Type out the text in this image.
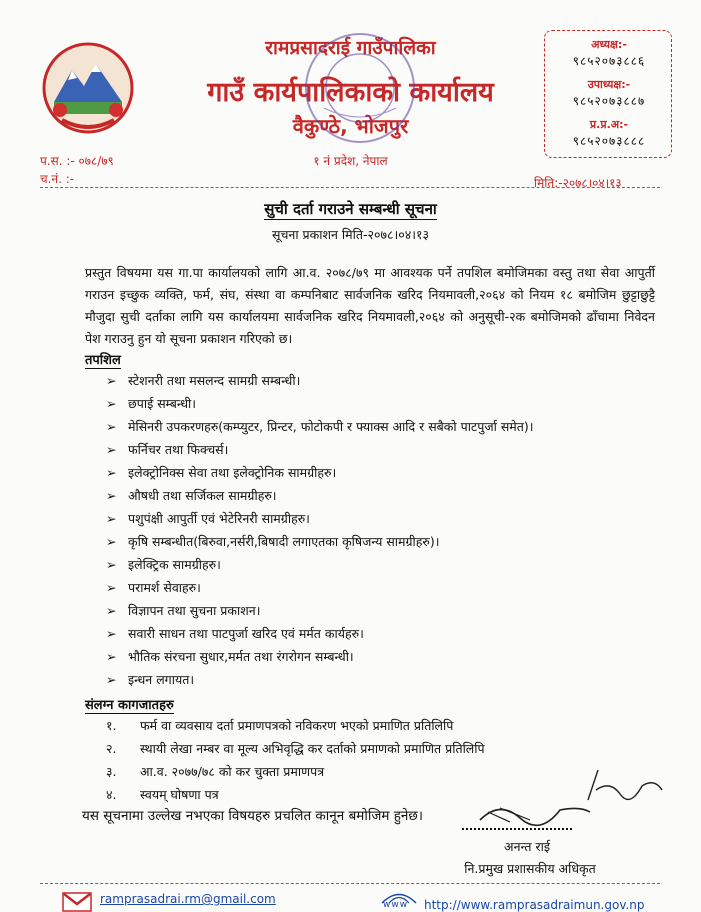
रामप्रसादराई गाउँपालिका
गाउँ कार्यपालिकाको कार्यालय
वैकुण्ठे, भोजपुर
१ नं प्रदेश, नेपाल
अध्यक्ष:-
९८५२०७३८८६
उपाध्यक्ष:-
९८५२०७३८८७
प्र.प्र.अ:-
९८५२०७३८८८
प.स. :- ०७८/७९
च.नं. :-	मिति:-२०७८।०४।१३
सुची दर्ता गराउने सम्बन्धी सूचना
सूचना प्रकाशन मिति-२०७८।०४।१३
प्रस्तुत विषयमा यस गा.पा कार्यालयको लागि आ.व. २०७८/७९ मा आवश्यक पर्ने तपशिल बमोजिमका वस्तु तथा सेवा आपुर्ती गराउन इच्छुक व्यक्ति, फर्म, संघ, संस्था वा कम्पनिबाट सार्वजनिक खरिद नियमावली,२०६४ को नियम १८ बमोजिम छुट्टाछुट्टै मौजुदा सुची दर्ताका लागि यस कार्यालयमा सार्वजनिक खरिद नियमावली,२०६४ को अनुसूची-२क बमोजिमको ढाँचामा निवेदन पेश गराउनु हुन यो सूचना प्रकाशन गरिएको छ।
तपशिल
➢ स्टेशनरी तथा मसलन्द सामग्री सम्बन्धी।
➢ छपाई सम्बन्धी।
➢ मेसिनरी उपकरणहरु(कम्प्युटर, प्रिन्टर, फोटोकपी र फ्याक्स आदि र सबैको पाटपुर्जा समेत)।
➢ फर्निचर तथा फिक्चर्स।
➢ इलेक्ट्रोनिक्स सेवा तथा इलेक्ट्रोनिक सामग्रीहरु।
➢ औषधी तथा सर्जिकल सामग्रीहरु।
➢ पशुपंक्षी आपुर्ती एवं भेटेरिनरी सामग्रीहरु।
➢ कृषि सम्बन्धीत(बिरुवा,नर्सरी,बिषादी लगाएतका कृषिजन्य सामग्रीहरु)।
➢ इलेक्ट्रिक सामग्रीहरु।
➢ परामर्श सेवाहरु।
➢ विज्ञापन तथा सुचना प्रकाशन।
➢ सवारी साधन तथा पाटपुर्जा खरिद एवं मर्मत कार्यहरु।
➢ भौतिक संरचना सुधार,मर्मत तथा रंगरोगन सम्बन्धी।
➢ इन्धन लगायत।
संलग्न कागजातहरु
१. फर्म वा व्यवसाय दर्ता प्रमाणपत्रको नविकरण भएको प्रमाणित प्रतिलिपि
२. स्थायी लेखा नम्बर वा मूल्य अभिवृद्धि कर दर्ताको प्रमाणको प्रमाणित प्रतिलिपि
३. आ.व. २०७७/७८ को कर चुक्ता प्रमाणपत्र
४. स्वयम् घोषणा पत्र
यस सूचनामा उल्लेख नभएका विषयहरु प्रचलित कानून बमोजिम हुनेछ।
अनन्त राई
नि.प्रमुख प्रशासकीय अधिकृत
ramprasadrai.rm@gmail.com	www http://www.ramprasadraimun.gov.np
